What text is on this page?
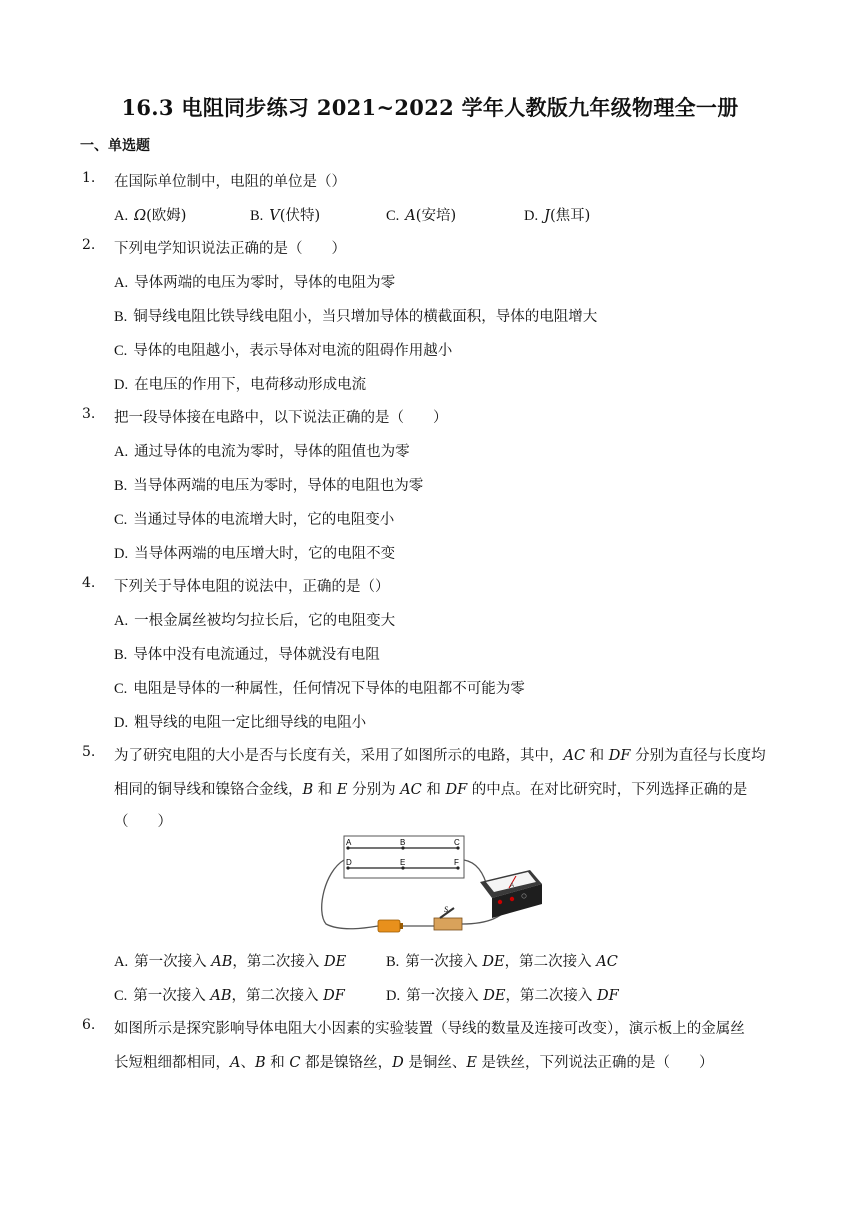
16.3 电阻同步练习 2021~2022 学年人教版九年级物理全一册
一、单选题
1. 在国际单位制中，电阻的单位是（）
A. Ω(欧姆)	B. V(伏特)	C. A(安培)	D. J(焦耳)
2. 下列电学知识说法正确的是（　　）
A. 导体两端的电压为零时，导体的电阻为零
B. 铜导线电阻比铁导线电阻小，当只增加导体的横截面积，导体的电阻增大
C. 导体的电阻越小，表示导体对电流的阻碍作用越小
D. 在电压的作用下，电荷移动形成电流
3. 把一段导体接在电路中，以下说法正确的是（　　）
A. 通过导体的电流为零时，导体的阻值也为零
B. 当导体两端的电压为零时，导体的电阻也为零
C. 当通过导体的电流增大时，它的电阻变小
D. 当导体两端的电压增大时，它的电阻不变
4. 下列关于导体电阻的说法中，正确的是（）
A. 一根金属丝被均匀拉长后，它的电阻变大
B. 导体中没有电流通过，导体就没有电阻
C. 电阻是导体的一种属性，任何情况下导体的电阻都不可能为零
D. 粗导线的电阻一定比细导线的电阻小
5. 为了研究电阻的大小是否与长度有关，采用了如图所示的电路，其中，AC 和 DF 分别为直径与长度均
相同的铜导线和镍铬合金线，B 和 E 分别为 AC 和 DF 的中点。在对比研究时，下列选择正确的是
（　　）
A	B	C
D	E	F
S
A
A. 第一次接入 AB，第二次接入 DE	B. 第一次接入 DE，第二次接入 AC
C. 第一次接入 AB，第二次接入 DF	D. 第一次接入 DE，第二次接入 DF
6. 如图所示是探究影响导体电阻大小因素的实验装置（导线的数量及连接可改变），演示板上的金属丝
长短粗细都相同，A、B 和 C 都是镍铬丝，D 是铜丝、E 是铁丝，下列说法正确的是（　　）
